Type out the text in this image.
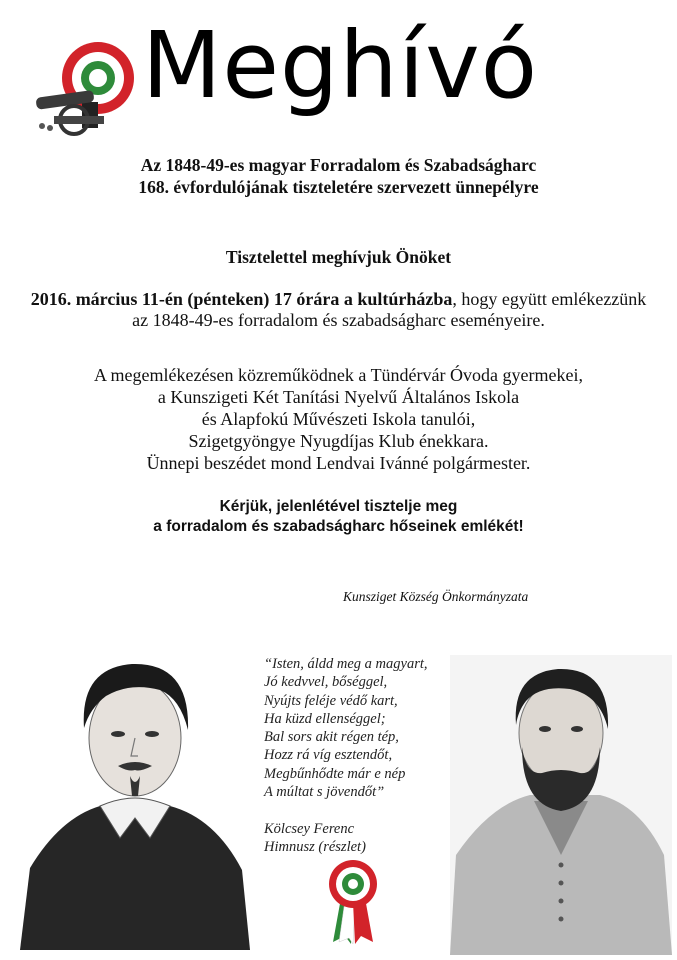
Meghívó
Az 1848-49-es magyar Forradalom és Szabadságharc
168. évfordulójának tiszteletére szervezett ünnepélyre
Tisztelettel meghívjuk Önöket
2016. március 11-én (pénteken) 17 órára a kultúrházba, hogy együtt emlékezzünk
az 1848-49-es forradalom és szabadságharc eseményeire.
A megemlékezésen közreműködnek a Tündérvár Óvoda gyermekei,
a Kunszigeti Két Tanítási Nyelvű Általános Iskola
és Alapfokú Művészeti Iskola tanulói,
Szigetgyöngye Nyugdíjas Klub énekkara.
Ünnepi beszédet mond Lendvai Ivánné polgármester.
Kérjük, jelenlétével tisztelje meg
a forradalom és szabadságharc hőseinek emlékét!
Kunsziget Község Önkormányzata
“Isten, áldd meg a magyart,
Jó kedvvel, bőséggel,
Nyújts feléje védő kart,
Ha küzd ellenséggel;
Bal sors akit régen tép,
Hozz rá víg esztendőt,
Megbűnhődte már e nép
A múltat s jövendőt”
Kölcsey Ferenc
Himnusz (részlet)
